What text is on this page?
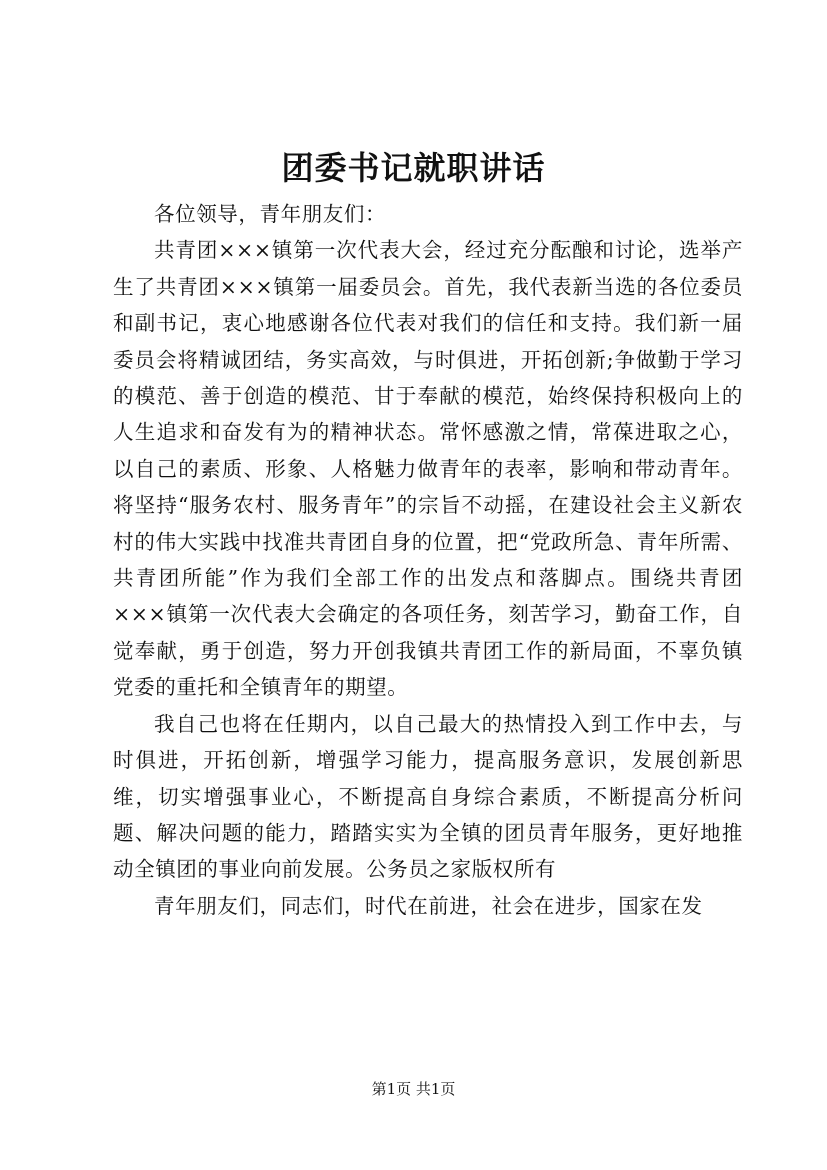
团委书记就职讲话

各位领导，青年朋友们：

共青团×××镇第一次代表大会，经过充分酝酿和讨论，选举产生了共青团×××镇第一届委员会。首先，我代表新当选的各位委员和副书记，衷心地感谢各位代表对我们的信任和支持。我们新一届委员会将精诚团结，务实高效，与时俱进，开拓创新;争做勤于学习的模范、善于创造的模范、甘于奉献的模范，始终保持积极向上的人生追求和奋发有为的精神状态。常怀感激之情，常葆进取之心，以自己的素质、形象、人格魅力做青年的表率，影响和带动青年。将坚持“服务农村、服务青年”的宗旨不动摇，在建设社会主义新农村的伟大实践中找准共青团自身的位置，把“党政所急、青年所需、共青团所能”作为我们全部工作的出发点和落脚点。围绕共青团×××镇第一次代表大会确定的各项任务，刻苦学习，勤奋工作，自觉奉献，勇于创造，努力开创我镇共青团工作的新局面，不辜负镇党委的重托和全镇青年的期望。

我自己也将在任期内，以自己最大的热情投入到工作中去，与时俱进，开拓创新，增强学习能力，提高服务意识，发展创新思维，切实增强事业心，不断提高自身综合素质，不断提高分析问题、解决问题的能力，踏踏实实为全镇的团员青年服务，更好地推动全镇团的事业向前发展。公务员之家版权所有

青年朋友们，同志们，时代在前进，社会在进步，国家在发

第1页 共1页
